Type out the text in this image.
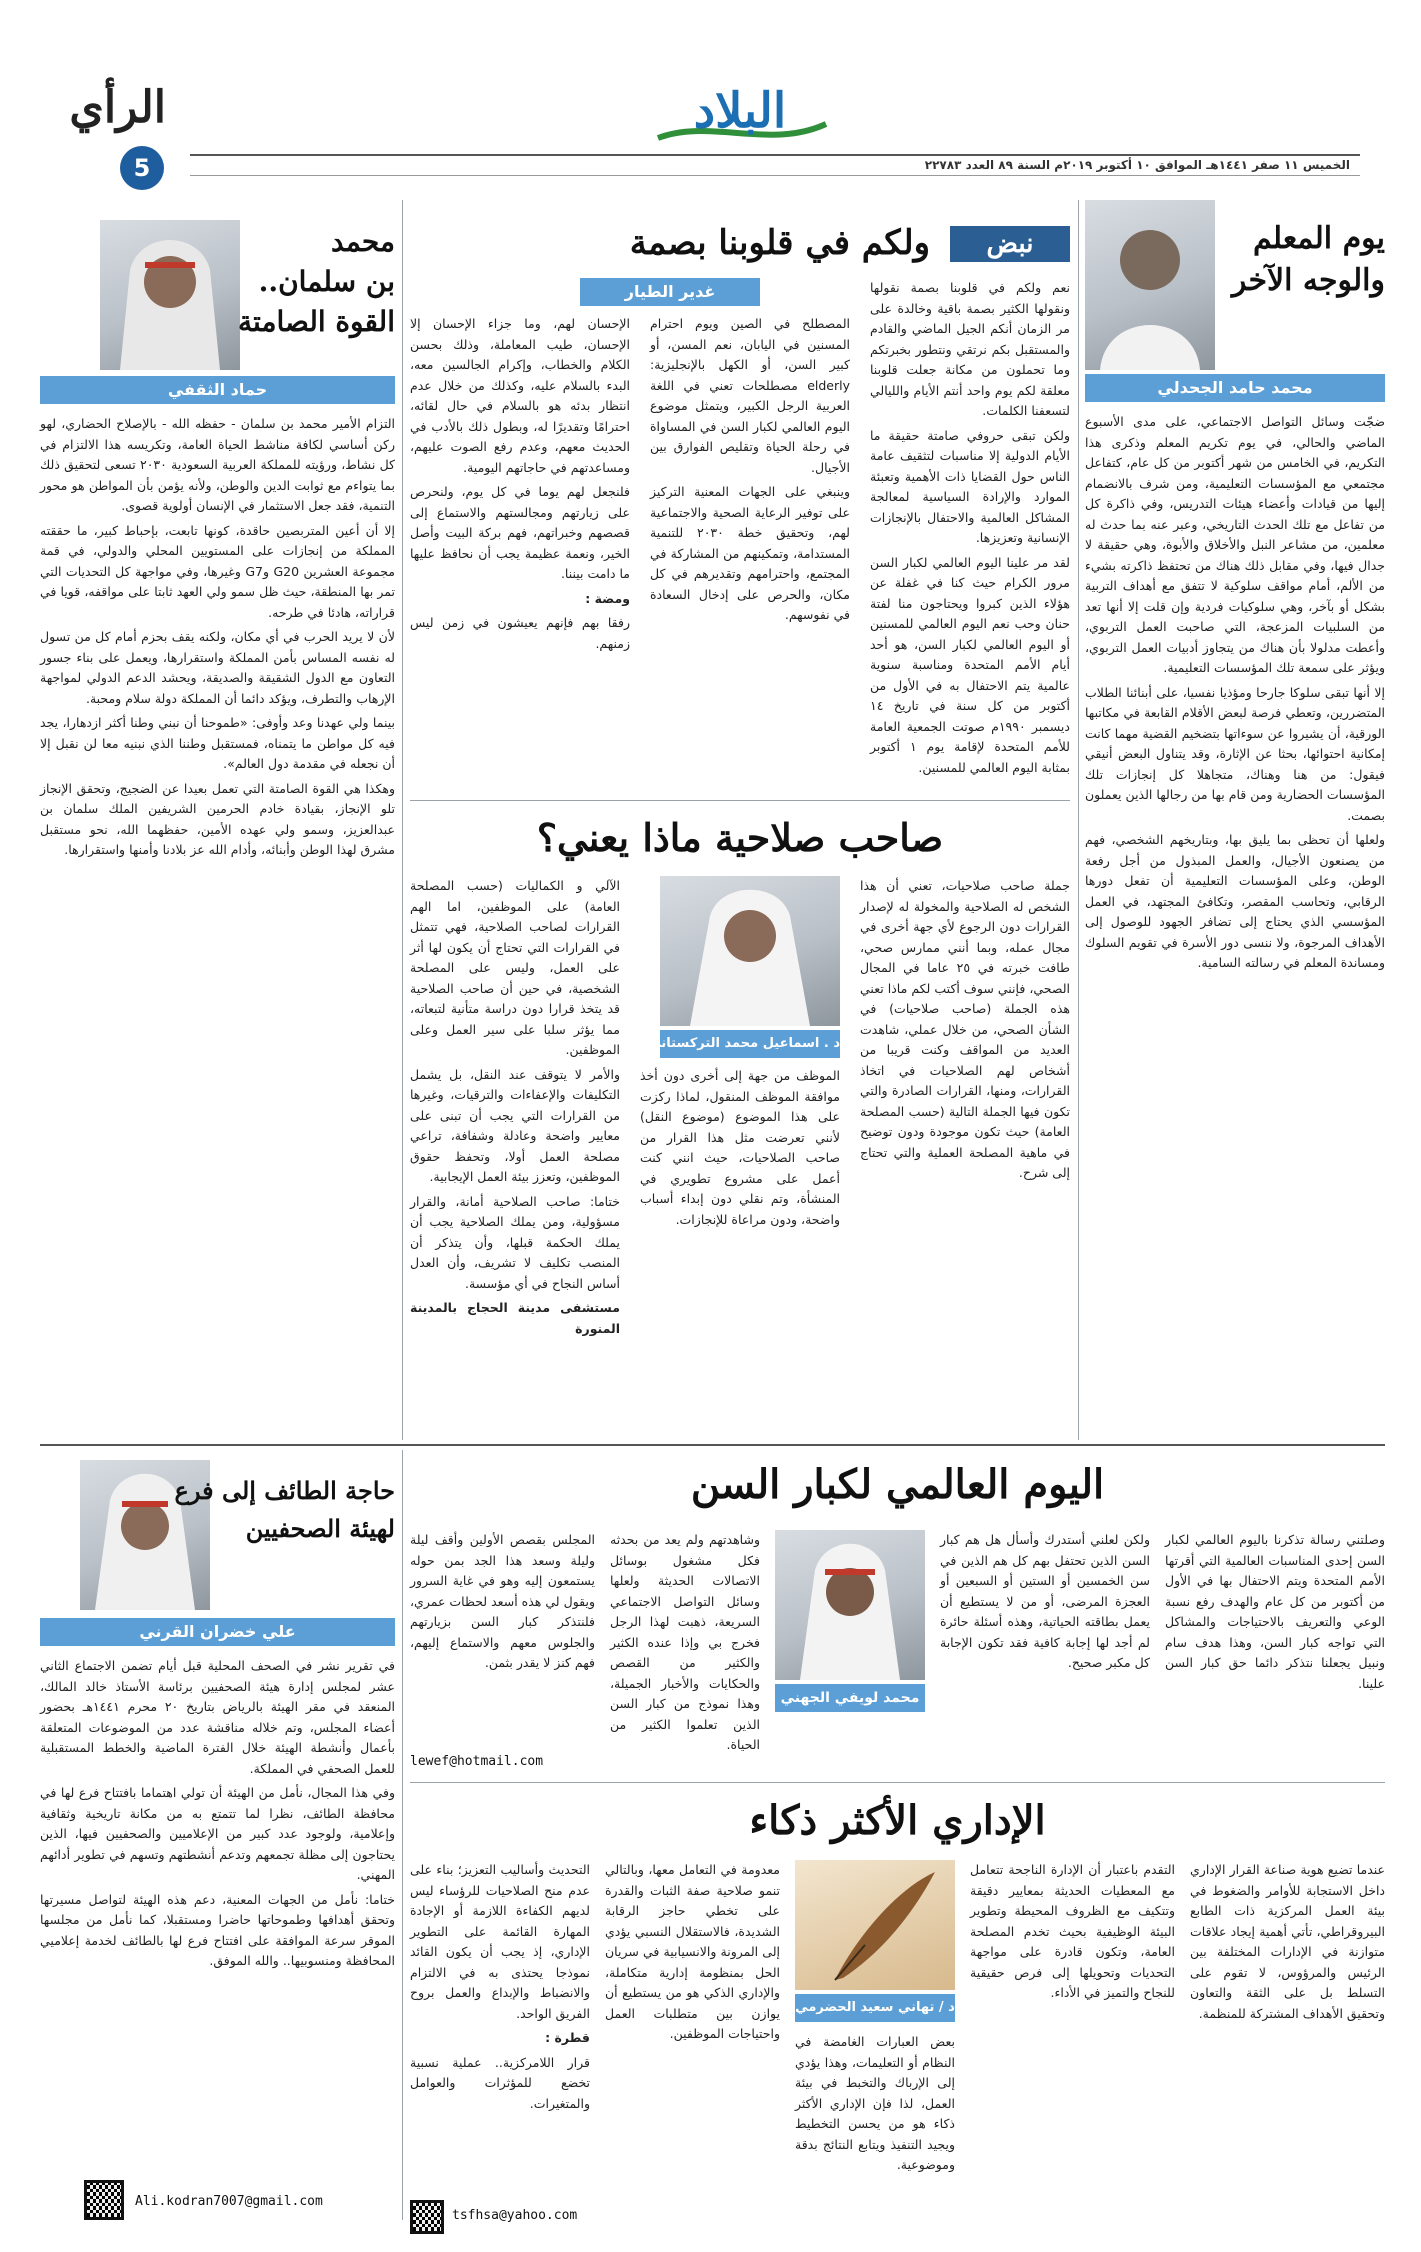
الرأي
5
البلاد
الخميس ١١ صفر ١٤٤١هـ الموافق ١٠ أكتوبر ٢٠١٩م السنة ٨٩ العدد ٢٢٧٨٣
يوم المعلم
والوجه الآخر
محمد حامد الجحدلي

ضجّت وسائل التواصل الاجتماعي، على مدى الأسبوع الماضي والحالي، في يوم تكريم المعلم وذكرى هذا التكريم، في الخامس من شهر أكتوبر من كل عام، كتفاعل مجتمعي مع المؤسسات التعليمية، ومن شرف بالانضمام إليها من قيادات وأعضاء هيئات التدريس، وفي ذاكرة كل من تفاعل مع تلك الحدث التاريخي، وعبر عنه بما حدث له معلمين، من مشاعر النبل والأخلاق والأبوة، وهي حقيقة لا جدال فيها، وفي مقابل ذلك هناك من تحتفظ ذاكرته بشيء من الألم، أمام مواقف سلوكية لا تتفق مع أهداف التربية بشكل أو بآخر، وهي سلوكيات فردية وإن قلت إلا أنها تعد من السلبيات المزعجة، التي صاحبت العمل التربوي، وأعطت مدلولا بأن هناك من يتجاوز أدبيات العمل التربوي، ويؤثر على سمعة تلك المؤسسات التعليمية.

إلا أنها تبقى سلوكا جارحا ومؤذيا نفسيا، على أبنائنا الطلاب المتضررين، وتعطي فرصة لبعض الأقلام القابعة في مكاتبها الورقية، أن يشيروا عن سوءاتها بتضخيم القضية مهما كانت إمكانية احتوائها، بحثا عن الإثارة، وقد يتناول البعض أنيقي فيقول: من هنا وهناك، متجاهلا كل إنجازات تلك المؤسسات الحضارية ومن قام بها من رجالها الذين يعملون بصمت.

ولعلها أن تحظى بما يليق بها، وبتاريخهم الشخصي، فهم من يصنعون الأجيال، والعمل المبذول من أجل رفعة الوطن، وعلى المؤسسات التعليمية أن تفعل دورها الرقابي، وتحاسب المقصر، وتكافئ المجتهد، في العمل المؤسسي الذي يحتاج إلى تضافر الجهود للوصول إلى الأهداف المرجوة، ولا ننسى دور الأسرة في تقويم السلوك ومساندة المعلم في رسالته السامية.

نبض
ولكم في قلوبنا بصمة
غدير الطيار	نعم ولكم في قلوبنا بصمة نقولها ونقولها الكثير بصمة باقية وخالدة على مر الزمان أنكم الجيل الماضي والقادم والمستقبل بكم نرتقي ونتطور بخبرتكم وما تحملون من مكانة جعلت قلوبنا معلقة لكم يوم واحد أنتم الأيام والليالي لتسعفنا الكلمات.

ولكن تبقى حروفي صامتة حقيقة ما الأيام الدولية إلا مناسبات لتثقيف عامة الناس حول القضايا ذات الأهمية وتعبئة الموارد والإرادة السياسية لمعالجة المشاكل العالمية والاحتفال بالإنجازات الإنسانية وتعزيزها.

لقد مر علينا اليوم العالمي لكبار السن مرور الكرام حيث كنا في غفلة عن هؤلاء الذين كبروا ويحتاجون منا لفتة حنان وحب نعم اليوم العالمي للمسنين أو اليوم العالمي لكبار السن، هو أحد أيام الأمم المتحدة ومناسبة سنوية عالمية يتم الاحتفال به في الأول من أكتوبر من كل سنة في تاريخ ١٤ ديسمبر ١٩٩٠م صوتت الجمعية العامة للأمم المتحدة لإقامة يوم ١ أكتوبر بمثابة اليوم العالمي للمسنين.

المصطلح في الصين ويوم احترام المسنين في اليابان، نعم المسن، أو كبير السن، أو الكهل بالإنجليزية: elderly مصطلحات تعني في اللغة العربية الرجل الكبير، ويتمثل موضوع اليوم العالمي لكبار السن في المساواة في رحلة الحياة وتقليص الفوارق بين الأجيال.

وينبغي على الجهات المعنية التركيز على توفير الرعاية الصحية والاجتماعية لهم، وتحقيق خطة ٢٠٣٠ للتنمية المستدامة، وتمكينهم من المشاركة في المجتمع، واحترامهم وتقديرهم في كل مكان، والحرص على إدخال السعادة في نفوسهم.

الإحسان لهم، وما جزاء الإحسان إلا الإحسان، طيب المعاملة، وذلك بحسن الكلام والخطاب، وإكرام الجالسين معه، البدء بالسلام عليه، وكذلك من خلال عدم انتظار بدئه هو بالسلام في حال لقائه، احترامًا وتقديرًا له، وبطول ذلك بالأدب في الحديث معهم، وعدم رفع الصوت عليهم، ومساعدتهم في حاجاتهم اليومية.

فلنجعل لهم يوما في كل يوم، ولنحرص على زيارتهم ومجالستهم والاستماع إلى قصصهم وخبراتهم، فهم بركة البيت وأصل الخير، ونعمة عظيمة يجب أن نحافظ عليها ما دامت بيننا.

ومضة :

رفقا بهم فإنهم يعيشون في زمن ليس زمنهم.

محمد
بن سلمان..
القوة الصامتة
حماد الثقفي

التزام الأمير محمد بن سلمان - حفظه الله - بالإصلاح الحضاري، لهو ركن أساسي لكافة مناشط الحياة العامة، وتكريسه هذا الالتزام في كل نشاط، ورؤيته للمملكة العربية السعودية ٢٠٣٠ تسعى لتحقيق ذلك بما يتواءم مع ثوابت الدين والوطن، ولأنه يؤمن بأن المواطن هو محور التنمية، فقد جعل الاستثمار في الإنسان أولوية قصوى.

إلا أن أعين المتربصين حاقدة، كونها تابعت، بإحباط كبير، ما حققته المملكة من إنجازات على المستويين المحلي والدولي، في قمة مجموعة العشرين G20 وG7 وغيرها، وفي مواجهة كل التحديات التي تمر بها المنطقة، حيث ظل سمو ولي العهد ثابتا على مواقفه، قويا في قراراته، هادئا في طرحه.

لأن لا يريد الحرب في أي مكان، ولكنه يقف بحزم أمام كل من تسول له نفسه المساس بأمن المملكة واستقرارها، ويعمل على بناء جسور التعاون مع الدول الشقيقة والصديقة، ويحشد الدعم الدولي لمواجهة الإرهاب والتطرف، ويؤكد دائما أن المملكة دولة سلام ومحبة.

بينما ولي عهدنا وعد وأوفى: «طموحنا أن نبني وطنا أكثر ازدهارا، يجد فيه كل مواطن ما يتمناه، فمستقبل وطننا الذي نبنيه معا لن نقبل إلا أن نجعله في مقدمة دول العالم».

وهكذا هي القوة الصامتة التي تعمل بعيدا عن الضجيج، وتحقق الإنجاز تلو الإنجاز، بقيادة خادم الحرمين الشريفين الملك سلمان بن عبدالعزيز، وسمو ولي عهده الأمين، حفظهما الله، نحو مستقبل مشرق لهذا الوطن وأبنائه، وأدام الله عز بلادنا وأمنها واستقرارها.	صاحب صلاحية ماذا يعني؟
د . اسماعيل محمد التركستاني

جملة صاحب صلاحيات، تعني أن هذا الشخص له الصلاحية والمخولة له لإصدار القرارات دون الرجوع لأي جهة أخرى في مجال عمله، وبما أنني ممارس صحي، طافت خبرته في ٢٥ عاما في المجال الصحي، فإنني سوف أكتب لكم ماذا تعني هذه الجملة (صاحب صلاحيات) في الشأن الصحي، من خلال عملي، شاهدت العديد من المواقف وكنت قريبا من أشخاص لهم الصلاحيات في اتخاذ القرارات، ومنها، القرارات الصادرة والتي تكون فيها الجملة التالية (حسب المصلحة العامة) حيث تكون موجودة ودون توضيح في ماهية المصلحة العملية والتي تحتاج إلى شرح.

الموظف من جهة إلى أخرى دون أخذ موافقة الموظف المنقول، لماذا ركزت على هذا الموضوع (موضوع النقل) لأنني تعرضت مثل هذا القرار من صاحب الصلاحيات، حيث انني كنت أعمل على مشروع تطويري في المنشأة، وتم نقلي دون إبداء أسباب واضحة، ودون مراعاة للإنجازات.

الآلي و الكماليات (حسب المصلحة العامة) على الموظفين، اما الهم القرارات لصاحب الصلاحية، فهي تتمثل في القرارات التي تحتاج أن يكون لها أثر على العمل، وليس على المصلحة الشخصية، في حين أن صاحب الصلاحية قد يتخذ قرارا دون دراسة متأنية لتبعاته، مما يؤثر سلبا على سير العمل وعلى الموظفين.

والأمر لا يتوقف عند النقل، بل يشمل التكليفات والإعفاءات والترقيات، وغيرها من القرارات التي يجب أن تبنى على معايير واضحة وعادلة وشفافة، تراعي مصلحة العمل أولا، وتحفظ حقوق الموظفين، وتعزز بيئة العمل الإيجابية.

ختاما: صاحب الصلاحية أمانة، والقرار مسؤولية، ومن يملك الصلاحية يجب أن يملك الحكمة قبلها، وأن يتذكر أن المنصب تكليف لا تشريف، وأن العدل أساس النجاح في أي مؤسسة.

مستشفى مدينة الحجاج بالمدينة المنورة

اليوم العالمي لكبار السن
محمد لويفي الجهني

وصلتني رسالة تذكرنا باليوم العالمي لكبار السن إحدى المناسبات العالمية التي أقرتها الأمم المتحدة ويتم الاحتفال بها في الأول من أكتوبر من كل عام والهدف رفع نسبة الوعي والتعريف بالاحتياجات والمشاكل التي تواجه كبار السن، وهذا هدف سام ونبيل يجعلنا نتذكر دائما حق كبار السن علينا.

ولكن لعلني أستدرك وأسأل هل هم كبار السن الذين تحتفل بهم كل هم الذين في سن الخمسين أو الستين أو السبعين أو العجزة المرضى، أو من لا يستطيع أن يعمل بطاقته الحياتية، وهذه أسئلة حائرة لم أجد لها إجابة كافية فقد تكون الإجابة كل مكبر صحيح.

وشاهدتهم ولم يعد من بحدثه فكل مشغول بوسائل الاتصالات الحديثة ولعلها وسائل التواصل الاجتماعي السريعة، ذهبت لهذا الرجل فخرج بي وإذا عنده الكثير والكثير من القصص والحكايات والأخبار الجميلة، وهذا نموذج من كبار السن الذين تعلموا الكثير من الحياة.

المجلس بقصص الأولين وأقف ليلة وليلة وسعد هذا الجد بمن حوله يستمعون إليه وهو في غاية السرور ويقول لي هذه أسعد لحظات عمري، فلنتذكر كبار السن بزيارتهم والجلوس معهم والاستماع إليهم، فهم كنز لا يقدر بثمن.

lewef@hotmail.com
حاجة الطائف إلى فرع
لهيئة الصحفيين
علي خضران القرني

في تقرير نشر في الصحف المحلية قبل أيام تضمن الاجتماع الثاني عشر لمجلس إدارة هيئة الصحفيين برئاسة الأستاذ خالد المالك، المنعقد في مقر الهيئة بالرياض بتاريخ ٢٠ محرم ١٤٤١هـ بحضور أعضاء المجلس، وتم خلاله مناقشة عدد من الموضوعات المتعلقة بأعمال وأنشطة الهيئة خلال الفترة الماضية والخطط المستقبلية للعمل الصحفي في المملكة.

وفي هذا المجال، نأمل من الهيئة أن تولي اهتماما بافتتاح فرع لها في محافظة الطائف، نظرا لما تتمتع به من مكانة تاريخية وثقافية وإعلامية، ولوجود عدد كبير من الإعلاميين والصحفيين فيها، الذين يحتاجون إلى مظلة تجمعهم وتدعم أنشطتهم وتسهم في تطوير أدائهم المهني.

ختاما: نأمل من الجهات المعنية، دعم هذه الهيئة لتواصل مسيرتها وتحقق أهدافها وطموحاتها حاضرا ومستقبلا، كما نأمل من مجلسها الموقر سرعة الموافقة على افتتاح فرع لها بالطائف لخدمة إعلاميي المحافظة ومنسوبيها.. والله الموفق.

Ali.kodran7007@gmail.com
الإداري الأكثر ذكاء
د / تهاني سعيد الحضرمي

عندما تضيع هوية صناعة القرار الإداري داخل الاستجابة للأوامر والضغوط في بيئة العمل المركزية ذات الطابع البيروقراطي، تأتي أهمية إيجاد علاقات متوازنة في الإدارات المختلفة بين الرئيس والمرؤوس، لا تقوم على التسلط بل على الثقة والتعاون وتحقيق الأهداف المشتركة للمنظمة.

التقدم باعتبار أن الإدارة الناجحة تتعامل مع المعطيات الحديثة بمعايير دقيقة وتتكيف مع الظروف المحيطة وتطوير البيئة الوظيفية بحيث تخدم المصلحة العامة، وتكون قادرة على مواجهة التحديات وتحويلها إلى فرص حقيقية للنجاح والتميز في الأداء.

معدومة في التعامل معها، وبالتالي تنمو صلاحية صفة الثبات والقدرة على تخطي حاجز الرقابة الشديدة، فالاستقلال النسبي يؤدي إلى المرونة والانسيابية في سريان الحل بمنظومة إدارية متكاملة، والإداري الذكي هو من يستطيع أن يوازن بين متطلبات العمل واحتياجات الموظفين.

التحديث وأساليب التعزيز؛ بناء على عدم منح الصلاحيات للرؤساء ليس لديهم الكفاءة اللازمة أو الإجادة المهارة القائمة على التطوير الإداري، إذ يجب أن يكون القائد نموذجا يحتذى به في الالتزام والانضباط والإبداع والعمل بروح الفريق الواحد.

قطرة :

قرار اللامركزية.. عملية نسبية تخضع للمؤثرات والعوامل والمتغيرات.

بعض العبارات الغامضة في النظام أو التعليمات، وهذا يؤدي إلى الإرباك والتخبط في بيئة العمل، لذا فإن الإداري الأكثر ذكاء هو من يحسن التخطيط ويجيد التنفيذ ويتابع النتائج بدقة وموضوعية.

tsfhsa@yahoo.com
